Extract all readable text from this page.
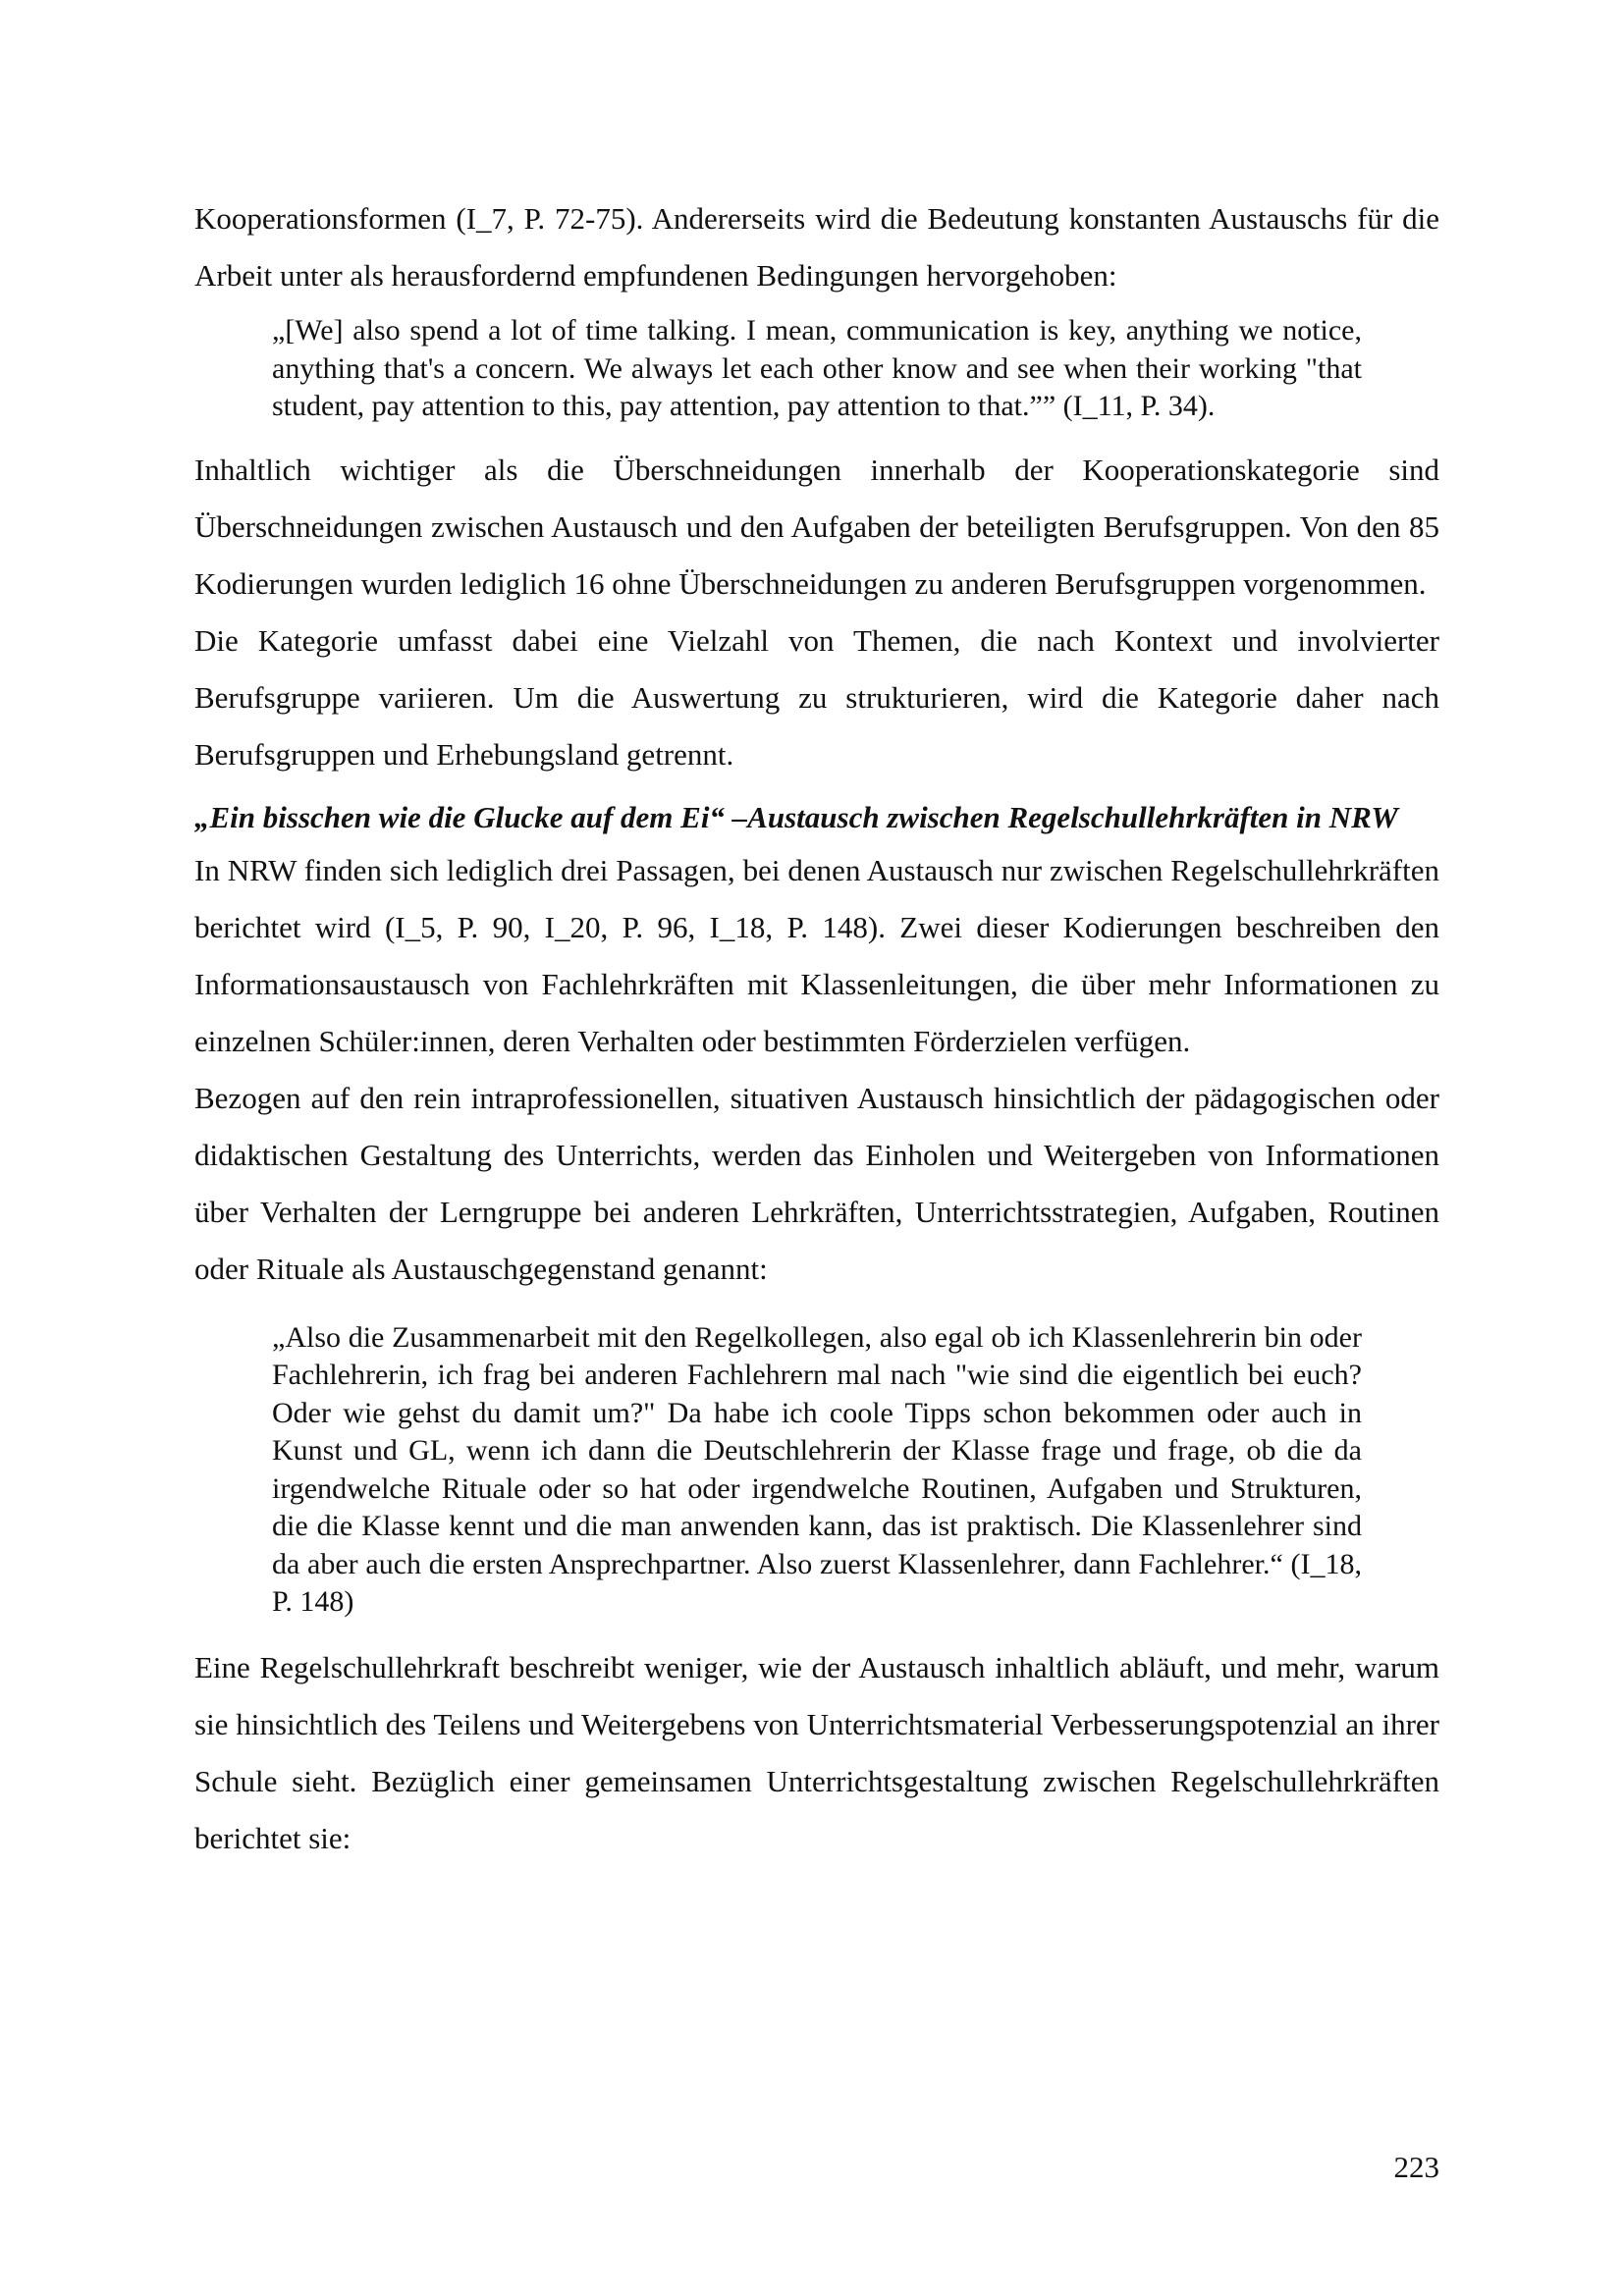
Kooperationsformen (I_7, P. 72-75). Andererseits wird die Bedeutung konstanten Austauschs für die Arbeit unter als herausfordernd empfundenen Bedingungen hervorgehoben:

„[We] also spend a lot of time talking. I mean, communication is key, anything we notice, anything that's a concern. We always let each other know and see when their working "that student, pay attention to this, pay attention, pay attention to that.”” (I_11, P. 34).

Inhaltlich wichtiger als die Überschneidungen innerhalb der Kooperationskategorie sind Überschneidungen zwischen Austausch und den Aufgaben der beteiligten Berufsgruppen. Von den 85 Kodierungen wurden lediglich 16 ohne Überschneidungen zu anderen Berufsgruppen vorgenommen.

Die Kategorie umfasst dabei eine Vielzahl von Themen, die nach Kontext und involvierter Berufsgruppe variieren. Um die Auswertung zu strukturieren, wird die Kategorie daher nach Berufsgruppen und Erhebungsland getrennt.

„Ein bisschen wie die Glucke auf dem Ei“ –Austausch zwischen Regelschullehrkräften in NRW

In NRW finden sich lediglich drei Passagen, bei denen Austausch nur zwischen Regelschullehrkräften berichtet wird (I_5, P. 90, I_20, P. 96, I_18, P. 148). Zwei dieser Kodierungen beschreiben den Informationsaustausch von Fachlehrkräften mit Klassenleitungen, die über mehr Informationen zu einzelnen Schüler:innen, deren Verhalten oder bestimmten Förderzielen verfügen.

Bezogen auf den rein intraprofessionellen, situativen Austausch hinsichtlich der pädagogischen oder didaktischen Gestaltung des Unterrichts, werden das Einholen und Weitergeben von Informationen über Verhalten der Lerngruppe bei anderen Lehrkräften, Unterrichtsstrategien, Aufgaben, Routinen oder Rituale als Austauschgegenstand genannt:

„Also die Zusammenarbeit mit den Regelkollegen, also egal ob ich Klassenlehrerin bin oder Fachlehrerin, ich frag bei anderen Fachlehrern mal nach "wie sind die eigentlich bei euch? Oder wie gehst du damit um?" Da habe ich coole Tipps schon bekommen oder auch in Kunst und GL, wenn ich dann die Deutschlehrerin der Klasse frage und frage, ob die da irgendwelche Rituale oder so hat oder irgendwelche Routinen, Aufgaben und Strukturen, die die Klasse kennt und die man anwenden kann, das ist praktisch. Die Klassenlehrer sind da aber auch die ersten Ansprechpartner. Also zuerst Klassenlehrer, dann Fachlehrer.“ (I_18, P. 148)

Eine Regelschullehrkraft beschreibt weniger, wie der Austausch inhaltlich abläuft, und mehr, warum sie hinsichtlich des Teilens und Weitergebens von Unterrichtsmaterial Verbesserungspotenzial an ihrer Schule sieht. Bezüglich einer gemeinsamen Unterrichtsgestaltung zwischen Regelschullehrkräften berichtet sie:

223
